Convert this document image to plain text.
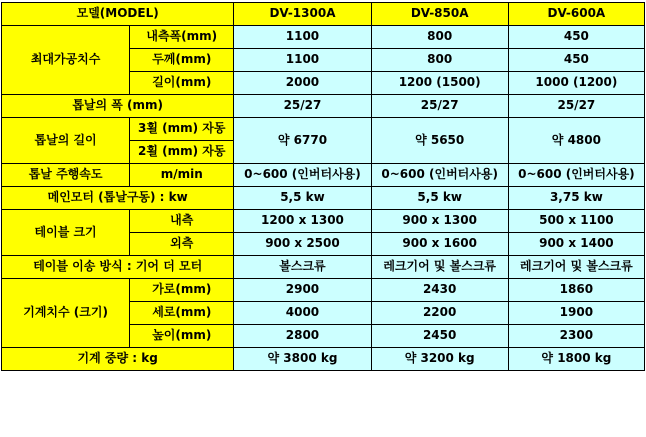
모델(MODEL)		DV-1300A	DV-850A	DV-600A
최대가공치수	내측폭(mm)	1100	800	450
	두께(mm)	1100	800	450
	길이(mm)	2000	1200 (1500)	1000 (1200)
톱날의 폭 (mm)		25/27	25/27	25/27
톱날의 길이	3횔 (mm) 자동	약 6770	약 5650	약 4800
	2횔 (mm) 자동			
톱날 주행속도	m/min	0~600 (인버터사용)	0~600 (인버터사용)	0~600 (인버터사용)
메인모터 (톱날구동) : kw		5,5 kw	5,5 kw	3,75 kw
테이블 크기	내측	1200 x 1300	900 x 1300	500 x 1100
	외측	900 x 2500	900 x 1600	900 x 1400
테이블 이송 방식 : 기어 더 모터		볼스크류	레크기어 및 볼스크류	레크기어 및 볼스크류
기계치수 (크기)	가로(mm)	2900	2430	1860
	세로(mm)	4000	2200	1900
	높이(mm)	2800	2450	2300
기계 중량 : kg		약 3800 kg	약 3200 kg	약 1800 kg
